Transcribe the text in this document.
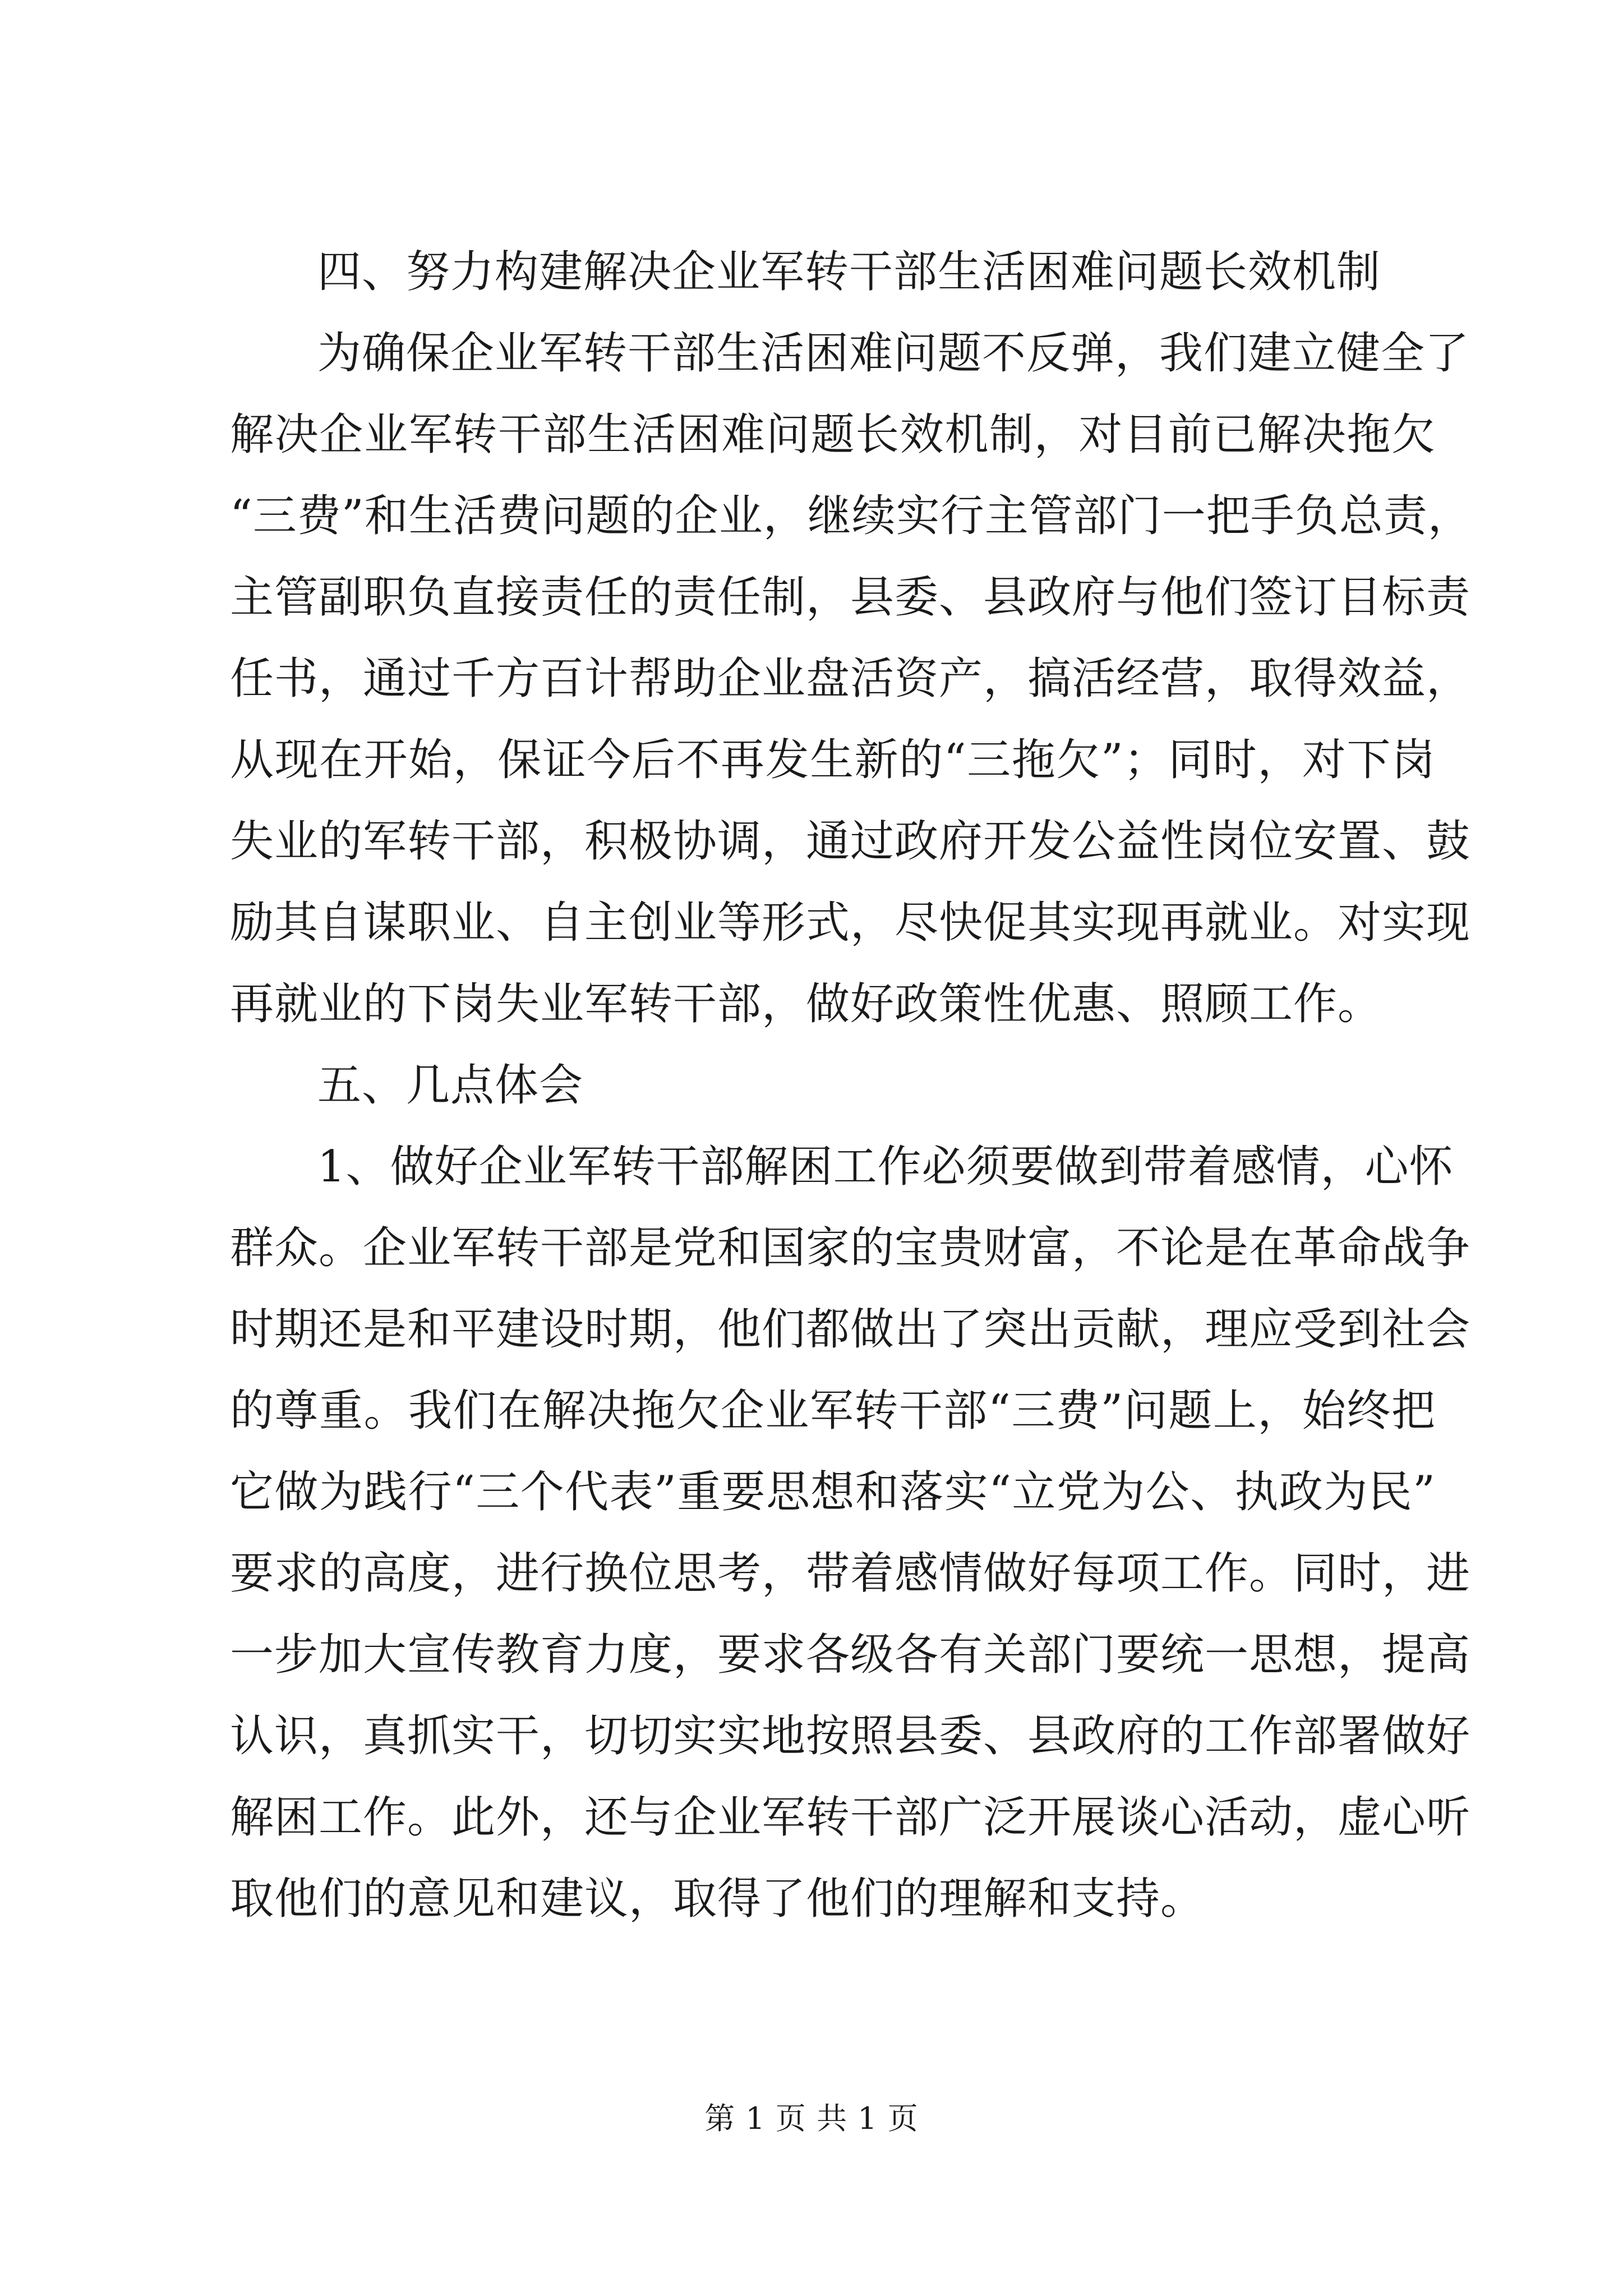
四、努力构建解决企业军转干部生活困难问题长效机制
为确保企业军转干部生活困难问题不反弹，我们建立健全了
解决企业军转干部生活困难问题长效机制，对目前已解决拖欠
“三费”和生活费问题的企业，继续实行主管部门一把手负总责，
主管副职负直接责任的责任制，县委、县政府与他们签订目标责
任书，通过千方百计帮助企业盘活资产，搞活经营，取得效益，
从现在开始，保证今后不再发生新的“三拖欠”；同时，对下岗
失业的军转干部，积极协调，通过政府开发公益性岗位安置、鼓
励其自谋职业、自主创业等形式，尽快促其实现再就业。对实现
再就业的下岗失业军转干部，做好政策性优惠、照顾工作。
五、几点体会
1、做好企业军转干部解困工作必须要做到带着感情，心怀
群众。企业军转干部是党和国家的宝贵财富，不论是在革命战争
时期还是和平建设时期，他们都做出了突出贡献，理应受到社会
的尊重。我们在解决拖欠企业军转干部“三费”问题上，始终把
它做为践行“三个代表”重要思想和落实“立党为公、执政为民”
要求的高度，进行换位思考，带着感情做好每项工作。同时，进
一步加大宣传教育力度，要求各级各有关部门要统一思想，提高
认识，真抓实干，切切实实地按照县委、县政府的工作部署做好
解困工作。此外，还与企业军转干部广泛开展谈心活动，虚心听
取他们的意见和建议，取得了他们的理解和支持。
第 1 页 共 1 页
